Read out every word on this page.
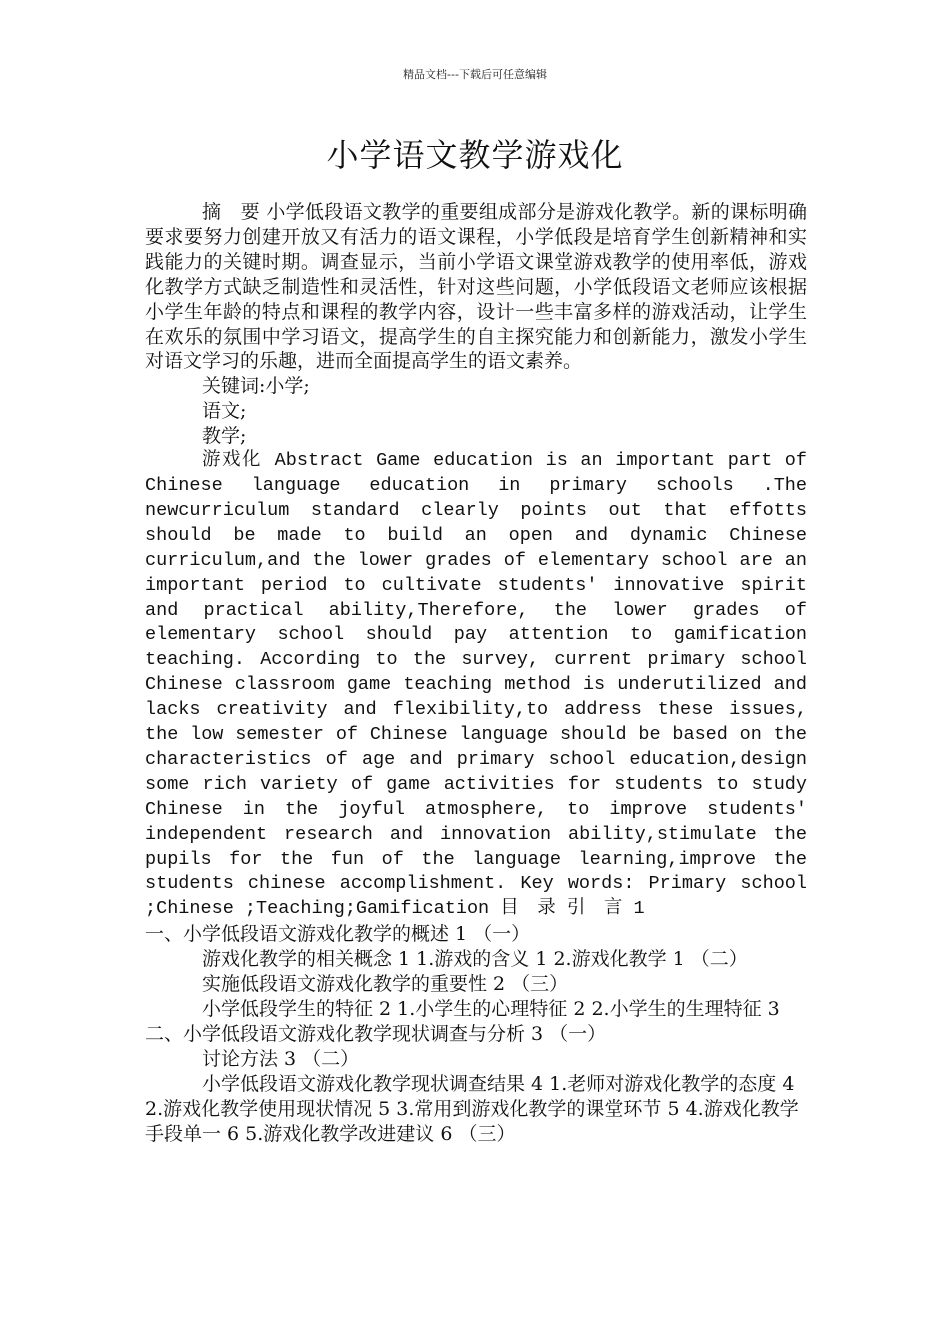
精品文档---下载后可任意编辑
小学语文教学游戏化

摘　要 小学低段语文教学的重要组成部分是游戏化教学。新的课标明确要求要努力创建开放又有活力的语文课程，小学低段是培育学生创新精神和实践能力的关键时期。调查显示，当前小学语文课堂游戏教学的使用率低，游戏化教学方式缺乏制造性和灵活性，针对这些问题，小学低段语文老师应该根据小学生年龄的特点和课程的教学内容，设计一些丰富多样的游戏活动，让学生在欢乐的氛围中学习语文，提高学生的自主探究能力和创新能力，激发小学生对语文学习的乐趣，进而全面提高学生的语文素养。

关键词:小学;

语文;

教学;

游戏化 Abstract Game education is an important part of Chinese language education in primary schools .The newcurriculum standard clearly points out that effotts should be made to build an open and dynamic Chinese curriculum,and the lower grades of elementary school are an important period to cultivate students′ innovative spirit and practical ability,Therefore, the lower grades of elementary school should pay attention to gamification teaching. According to the survey, current primary school Chinese classroom game teaching method is underutilized and lacks creativity and flexibility,to address these issues, the low semester of Chinese language should be based on the characteristics of age and primary school education,design some rich variety of game activities for students to study Chinese in the joyful atmosphere, to improve students′ independent research and innovation ability,stimulate the pupils for the fun of the language learning,improve the students chinese accomplishment. Key words: Primary school ;Chinese ;Teaching;Gamification 目　录 引　言 1

一、小学低段语文游戏化教学的概述 1 （一）

游戏化教学的相关概念 1 1.游戏的含义 1 2.游戏化教学 1 （二）

实施低段语文游戏化教学的重要性 2 （三）

小学低段学生的特征 2 1.小学生的心理特征 2 2.小学生的生理特征 3 二、小学低段语文游戏化教学现状调查与分析 3 （一）

讨论方法 3 （二）

小学低段语文游戏化教学现状调查结果 4 1.老师对游戏化教学的态度 4 2.游戏化教学使用现状情况 5 3.常用到游戏化教学的课堂环节 5 4.游戏化教学手段单一 6 5.游戏化教学改进建议 6 （三）
